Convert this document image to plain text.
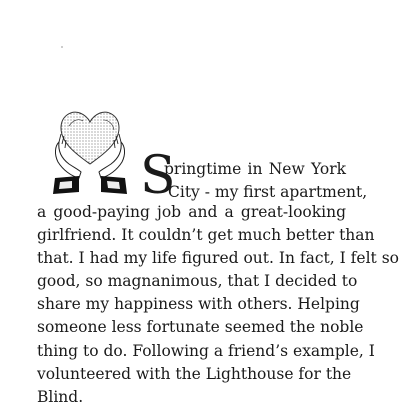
S
pringtime in New York
City - my first apartment,
a good-paying job and a great-looking
girlfriend. It couldn’t get much better than
that. I had my life figured out. In fact, I felt so
good, so magnanimous, that I decided to
share my happiness with others. Helping
someone less fortunate seemed the noble
thing to do. Following a friend’s example, I
volunteered with the Lighthouse for the
Blind.
